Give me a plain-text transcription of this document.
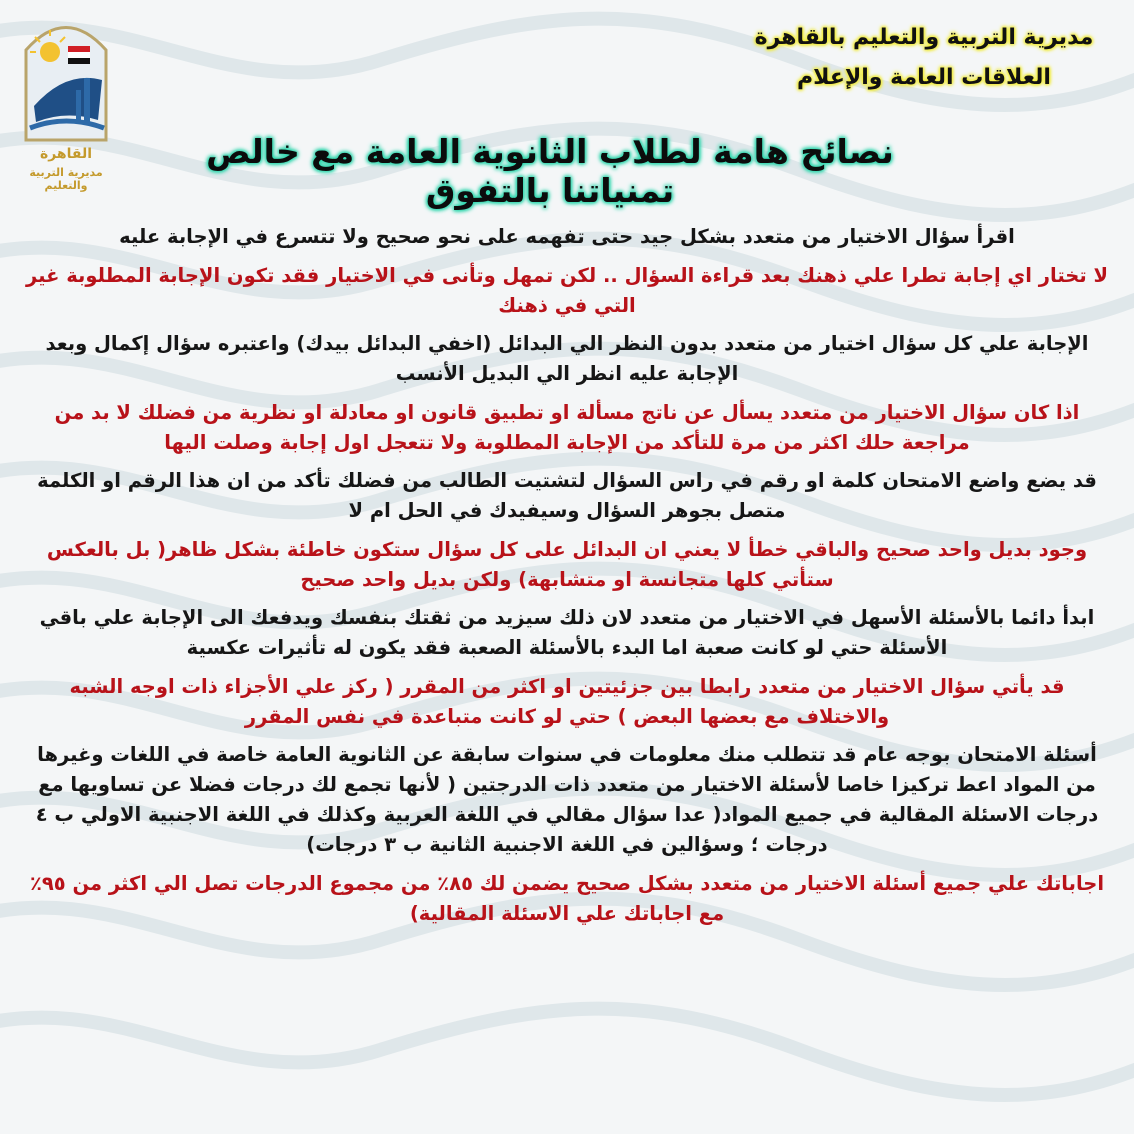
القاهرة
مديرية التربية والتعليم
مديرية التربية والتعليم بالقاهرة
العلاقات العامة والإعلام
نصائح هامة لطلاب الثانوية العامة مع خالص تمنياتنا بالتفوق

اقرأ سؤال الاختيار من متعدد بشكل جيد حتى تفهمه على نحو صحيح ولا تتسرع في الإجابة عليه

لا تختار اي إجابة تطرا علي ذهنك بعد قراءة السؤال .. لكن تمهل وتأنى في الاختيار فقد تكون الإجابة المطلوبة غير التي في ذهنك

الإجابة علي كل سؤال اختيار من متعدد بدون النظر الي البدائل (اخفي البدائل بيدك) واعتبره سؤال إكمال وبعد الإجابة عليه انظر الي البديل الأنسب

اذا كان سؤال الاختيار من متعدد يسأل عن ناتج مسألة او تطبيق قانون او معادلة او نظرية من فضلك لا بد من مراجعة حلك اكثر من مرة للتأكد من الإجابة المطلوبة ولا تتعجل اول إجابة وصلت اليها

قد يضع واضع الامتحان كلمة او رقم في راس السؤال لتشتيت الطالب من فضلك تأكد من ان هذا الرقم او الكلمة متصل بجوهر السؤال وسيفيدك في الحل ام لا

وجود بديل واحد صحيح والباقي خطأ لا يعني ان البدائل على كل سؤال ستكون خاطئة بشكل ظاهر( بل بالعكس ستأتي كلها متجانسة او متشابهة) ولكن بديل واحد صحيح

ابدأ دائما بالأسئلة الأسهل في الاختيار من متعدد لان ذلك سيزيد من ثقتك بنفسك ويدفعك الى الإجابة علي باقي الأسئلة حتي لو كانت صعبة اما البدء بالأسئلة الصعبة فقد يكون له تأثيرات عكسية

قد يأتي سؤال الاختيار من متعدد رابطا بين جزئيتين او اكثر من المقرر ( ركز علي الأجزاء ذات اوجه الشبه والاختلاف مع بعضها البعض ) حتي لو كانت متباعدة في نفس المقرر

أسئلة الامتحان بوجه عام قد تتطلب منك معلومات في سنوات سابقة عن الثانوية العامة خاصة في اللغات وغيرها من المواد اعط تركيزا خاصا لأسئلة الاختيار من متعدد ذات الدرجتين ( لأنها تجمع لك درجات فضلا عن تساويها مع درجات الاسئلة المقالية في جميع المواد( عدا سؤال مقالي في اللغة العربية وكذلك في اللغة الاجنبية الاولي ب ٤ درجات ؛ وسؤالين في اللغة الاجنبية الثانية ب ٣ درجات)

اجاباتك علي جميع أسئلة الاختيار من متعدد بشكل صحيح يضمن لك ٨٥٪ من مجموع الدرجات تصل الي اكثر من ٩٥٪ مع اجاباتك علي الاسئلة المقالية)
